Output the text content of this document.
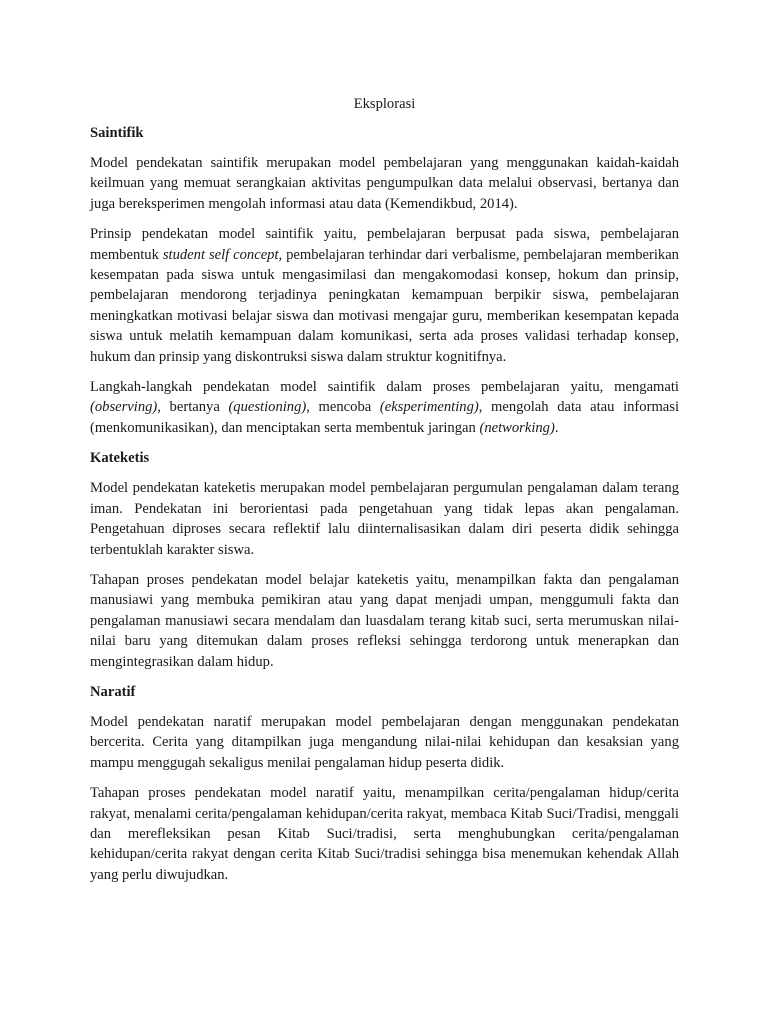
Eksplorasi
Saintifik

Model pendekatan saintifik merupakan model pembelajaran yang menggunakan kaidah-kaidah keilmuan yang memuat serangkaian aktivitas pengumpulkan data melalui observasi, bertanya dan juga bereksperimen mengolah informasi atau data (Kemendikbud, 2014).

Prinsip pendekatan model saintifik yaitu, pembelajaran berpusat pada siswa, pembelajaran membentuk student self concept, pembelajaran terhindar dari verbalisme, pembelajaran memberikan kesempatan pada siswa untuk mengasimilasi dan mengakomodasi konsep, hokum dan prinsip, pembelajaran mendorong terjadinya peningkatan kemampuan berpikir siswa, pembelajaran meningkatkan motivasi belajar siswa dan motivasi mengajar guru, memberikan kesempatan kepada siswa untuk melatih kemampuan dalam komunikasi, serta ada proses validasi terhadap konsep, hukum dan prinsip yang diskontruksi siswa dalam struktur kognitifnya.

Langkah-langkah pendekatan model saintifik dalam proses pembelajaran yaitu, mengamati (observing), bertanya (questioning), mencoba (eksperimenting), mengolah data atau informasi (menkomunikasikan), dan menciptakan serta membentuk jaringan (networking).

Kateketis

Model pendekatan kateketis merupakan model pembelajaran pergumulan pengalaman dalam terang iman. Pendekatan ini berorientasi pada pengetahuan yang tidak lepas akan pengalaman. Pengetahuan diproses secara reflektif lalu diinternalisasikan dalam diri peserta didik sehingga terbentuklah karakter siswa.

Tahapan proses pendekatan model belajar kateketis yaitu, menampilkan fakta dan pengalaman manusiawi yang membuka pemikiran atau yang dapat menjadi umpan, menggumuli fakta dan pengalaman manusiawi secara mendalam dan luasdalam terang kitab suci, serta merumuskan nilai-nilai baru yang ditemukan dalam proses refleksi sehingga terdorong untuk menerapkan dan mengintegrasikan dalam hidup.

Naratif

Model pendekatan naratif merupakan model pembelajaran dengan menggunakan pendekatan bercerita. Cerita yang ditampilkan juga mengandung nilai-nilai kehidupan dan kesaksian yang mampu menggugah sekaligus menilai pengalaman hidup peserta didik.

Tahapan proses pendekatan model naratif yaitu, menampilkan cerita/pengalaman hidup/cerita rakyat, menalami cerita/pengalaman kehidupan/cerita rakyat, membaca Kitab Suci/Tradisi, menggali dan merefleksikan pesan Kitab Suci/tradisi, serta menghubungkan cerita/pengalaman kehidupan/cerita rakyat dengan cerita Kitab Suci/tradisi sehingga bisa menemukan kehendak Allah yang perlu diwujudkan.
